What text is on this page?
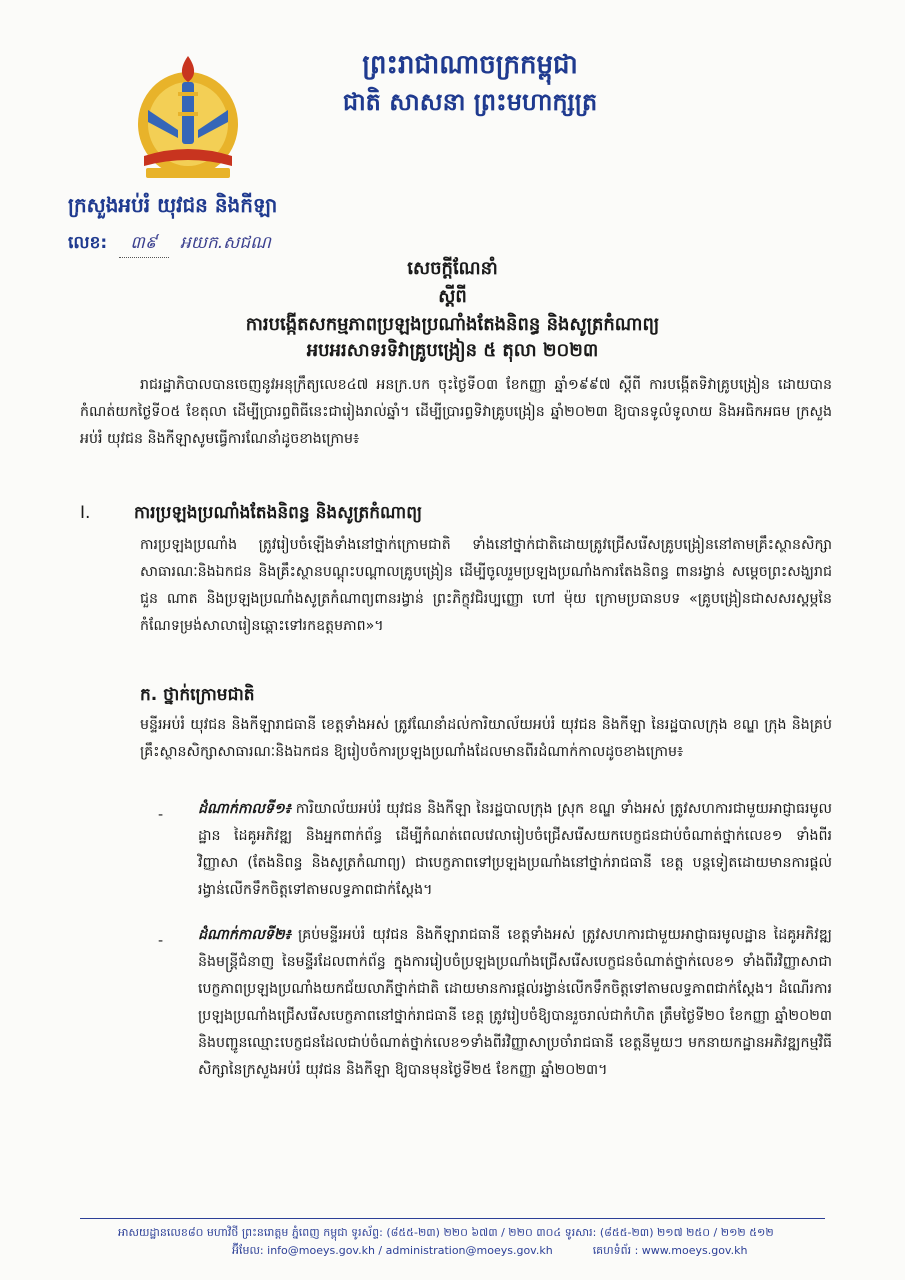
ព្រះរាជាណាចក្រកម្ពុជា
ជាតិ សាសនា ព្រះមហាក្សត្រ
ក្រសួងអប់រំ យុវជន និងកីឡា
លេខ: ៣៩ អយក.សជណ
សេចក្តីណែនាំ
ស្តីពី
ការបង្កើតសកម្មភាពប្រឡងប្រណាំងតែងនិពន្ធ និងសូត្រកំណាព្យ
អបអរសាទរទិវាគ្រូបង្រៀន ៥ តុលា ២០២៣
រាជរដ្ឋាភិបាលបានចេញនូវអនុក្រឹត្យលេខ៤៧ អនក្រ.បក ចុះថ្ងៃទី០៣ ខែកញ្ញា ឆ្នាំ១៩៩៧ ស្តីពី ការបង្កើតទិវាគ្រូបង្រៀន ដោយបានកំណត់យកថ្ងៃទី០៥ ខែតុលា ដើម្បីប្រារព្ធពិធីនេះជារៀងរាល់ឆ្នាំ។ ដើម្បីប្រារព្ធទិវាគ្រូបង្រៀន ឆ្នាំ២០២៣ ឱ្យបានទូលំទូលាយ និងអធិកអធម ក្រសួងអប់រំ យុវជន និងកីឡាសូមធ្វើការណែនាំដូចខាងក្រោម៖
I.	ការប្រឡងប្រណាំងតែងនិពន្ធ និងសូត្រកំណាព្យ
ការប្រឡងប្រណាំង ត្រូវរៀបចំឡើងទាំងនៅថ្នាក់ក្រោមជាតិ ទាំងនៅថ្នាក់ជាតិដោយត្រូវជ្រើសរើសគ្រូបង្រៀននៅតាមគ្រឹះស្ថានសិក្សាសាធារណៈនិងឯកជន និងគ្រឹះស្ថានបណ្តុះបណ្តាលគ្រូបង្រៀន ដើម្បីចូលរួមប្រឡងប្រណាំងការតែងនិពន្ធ ពានរង្វាន់ សម្តេចព្រះសង្ឃរាជ ជួន ណាត និងប្រឡងប្រណាំងសូត្រកំណាព្យពានរង្វាន់ ព្រះភិក្ខុវជិរប្បញ្ញោ ហៅ ម៉ុយ ក្រោមប្រធានបទ «គ្រូបង្រៀនជាសសរស្តម្ភនៃកំណែទម្រង់សាលារៀនឆ្ពោះទៅរកឧត្តមភាព»។
ក. ថ្នាក់ក្រោមជាតិ
មន្ទីរអប់រំ យុវជន និងកីឡារាជធានី ខេត្តទាំងអស់ ត្រូវណែនាំដល់ការិយាល័យអប់រំ យុវជន និងកីឡា នៃរដ្ឋបាលក្រុង ខណ្ឌ ក្រុង និងគ្រប់គ្រឹះស្ថានសិក្សាសាធារណៈនិងឯកជន ឱ្យរៀបចំការប្រឡងប្រណាំងដែលមានពីរដំណាក់កាលដូចខាងក្រោម៖
- ដំណាក់កាលទី១៖ ការិយាល័យអប់រំ យុវជន និងកីឡា នៃរដ្ឋបាលក្រុង ស្រុក ខណ្ឌ ទាំងអស់ ត្រូវសហការជាមួយអាជ្ញាធរមូលដ្ឋាន ដៃគូអភិវឌ្ឍ និងអ្នកពាក់ព័ន្ធ ដើម្បីកំណត់ពេលវេលារៀបចំជ្រើសរើសយកបេក្ខជនជាប់ចំណាត់ថ្នាក់លេខ១ ទាំងពីរវិញ្ញាសា (តែងនិពន្ធ និងសូត្រកំណាព្យ) ជាបេក្ខភាពទៅប្រឡងប្រណាំងនៅថ្នាក់រាជធានី ខេត្ត បន្តទៀតដោយមានការផ្តល់រង្វាន់លើកទឹកចិត្តទៅតាមលទ្ធភាពជាក់ស្តែង។
- ដំណាក់កាលទី២៖ គ្រប់មន្ទីរអប់រំ យុវជន និងកីឡារាជធានី ខេត្តទាំងអស់ ត្រូវសហការជាមួយអាជ្ញាធរមូលដ្ឋាន ដៃគូអភិវឌ្ឍ និងមន្ត្រីជំនាញ នៃមន្ទីរដែលពាក់ព័ន្ធ ក្នុងការរៀបចំប្រឡងប្រណាំងជ្រើសរើសបេក្ខជនចំណាត់ថ្នាក់លេខ១ ទាំងពីរវិញ្ញាសាជាបេក្ខភាពប្រឡងប្រណាំងយកជ័យលាភីថ្នាក់ជាតិ ដោយមានការផ្តល់រង្វាន់លើកទឹកចិត្តទៅតាមលទ្ធភាពជាក់ស្តែង។ ដំណើរការប្រឡងប្រណាំងជ្រើសរើសបេក្ខភាពនៅថ្នាក់រាជធានី ខេត្ត ត្រូវរៀបចំឱ្យបានរួចរាល់ជាកំហិត ត្រឹមថ្ងៃទី២០ ខែកញ្ញា ឆ្នាំ២០២៣ និងបញ្ជូនឈ្មោះបេក្ខជនដែលជាប់ចំណាត់ថ្នាក់លេខ១ទាំងពីរវិញ្ញាសាប្រចាំរាជធានី ខេត្តនីមួយៗ មកនាយកដ្ឋានអភិវឌ្ឍកម្មវិធីសិក្សានៃក្រសួងអប់រំ យុវជន និងកីឡា ឱ្យបានមុនថ្ងៃទី២៥ ខែកញ្ញា ឆ្នាំ២០២៣។
អាសយដ្ឋានលេខ៨០ មហាវិថី ព្រះនរោត្តម ភ្នំពេញ កម្ពុជា ទូរស័ព្ទ: (៨៥៥-២៣) ២២០ ៦៧៣ / ២២០ ៣០៤ ទូរសារ: (៨៥៥-២៣) ២១៧ ២៥០ / ២១២ ៥១២
អ៊ីមែល: info@moeys.gov.kh / administration@moeys.gov.kh	គេហទំព័រ : www.moeys.gov.kh
